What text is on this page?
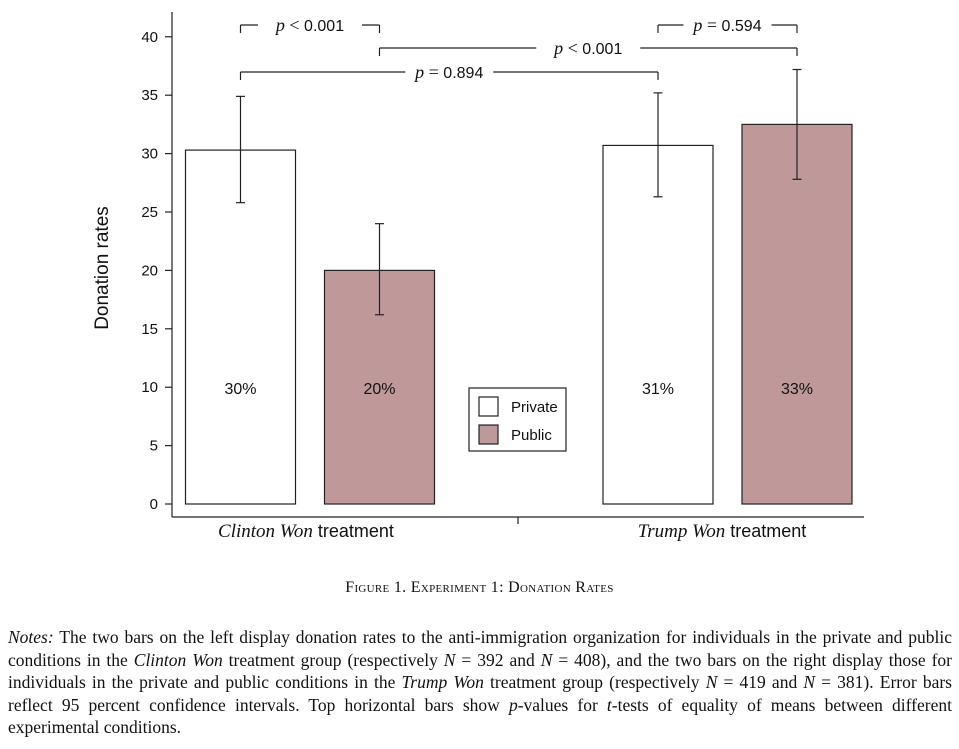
0
5
10
15
20
25
30
35
40
Donation rates
30%	31%
20%	33%
Clinton Won treatment	Trump Won treatment
p < 0.001	p = 0.594
p < 0.001
p = 0.894
Private
Public
Figure 1. Experiment 1: Donation Rates
Notes: The two bars on the left display donation rates to the anti-immigration organization for individuals in the private and public conditions in the Clinton Won treatment group (respectively N = 392 and N = 408), and the two bars on the right display those for individuals in the private and public conditions in the Trump Won treatment group (respectively N = 419 and N = 381). Error bars reflect 95 percent confidence intervals. Top horizontal bars show p-values for t-tests of equality of means between different experimental conditions.
